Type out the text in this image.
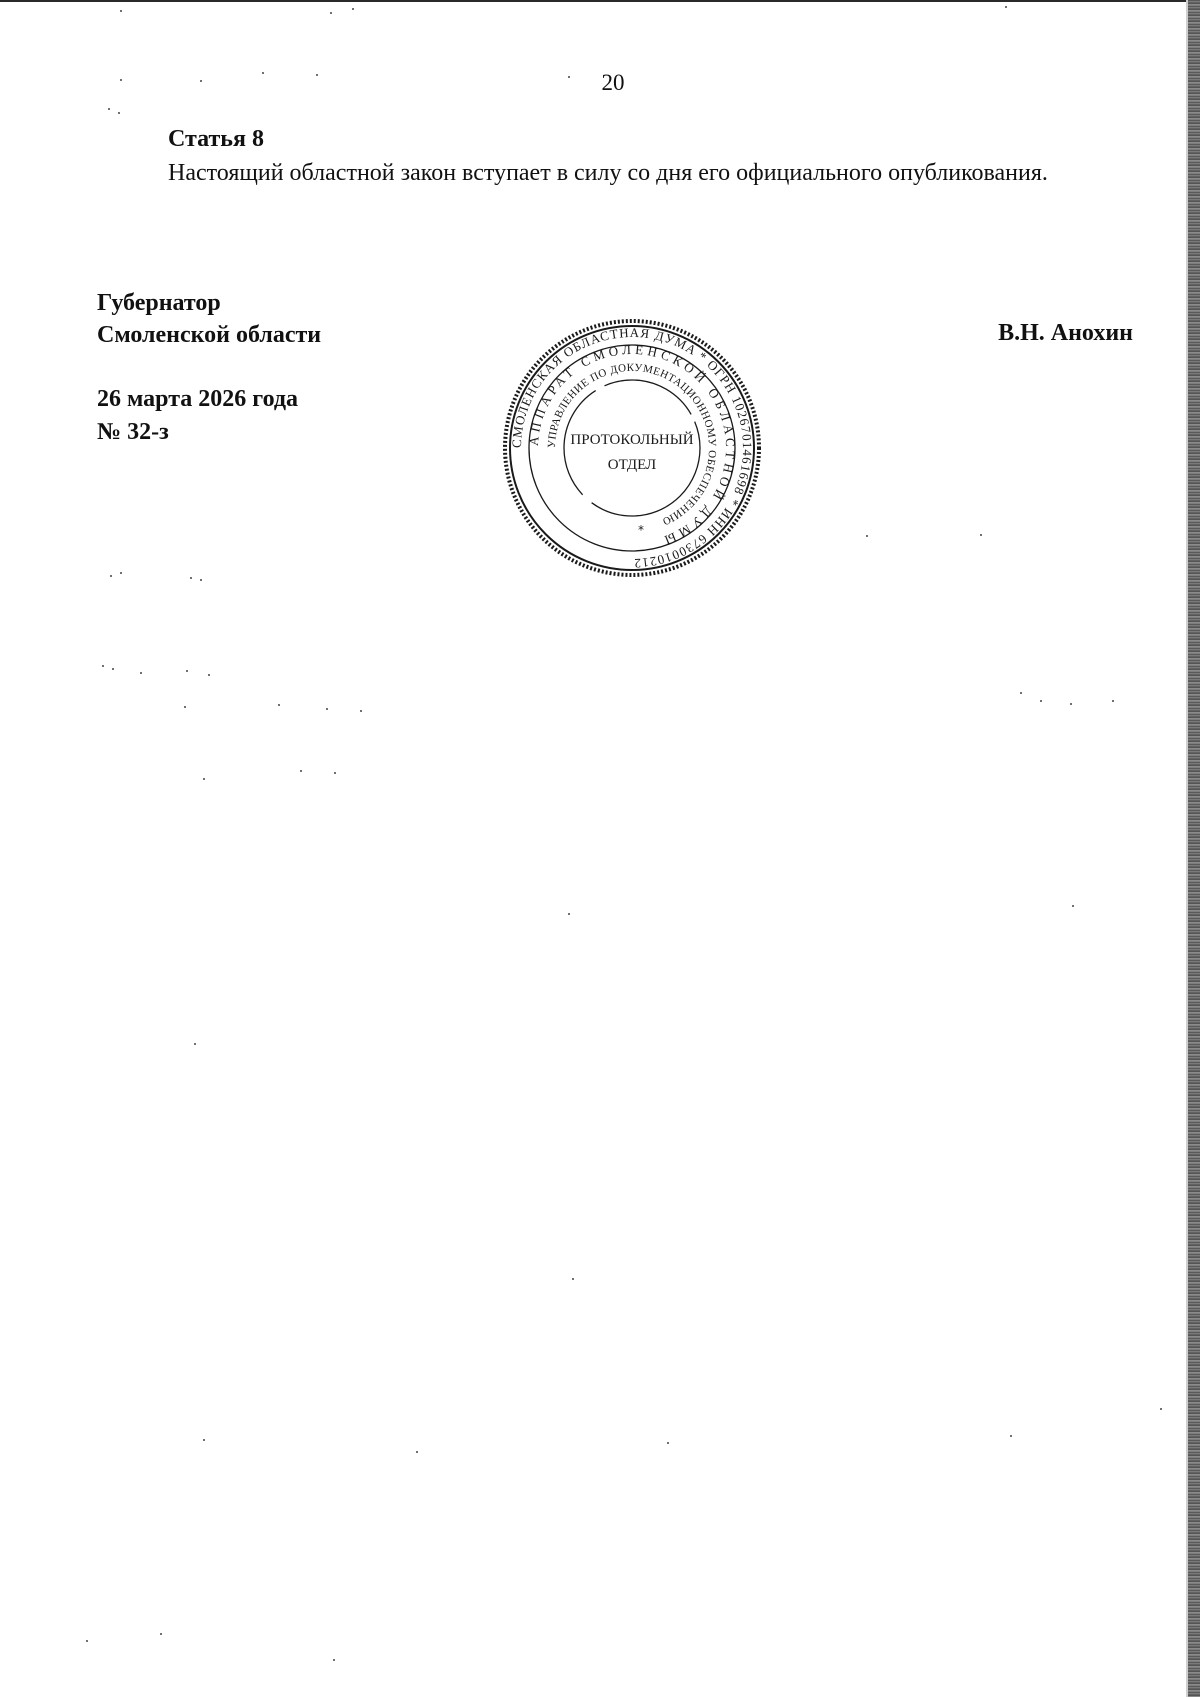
20
Статья 8

Настоящий областной закон вступает в силу со дня его официального опубликования.

Губернатор
Смоленской области	В.Н. Анохин
26 марта 2026 года
№ 32-з	СМОЛЕНСКАЯ ОБЛАСТНАЯ ДУМА * ОГРН 1026701461698 * ИНН 6730010212
АППАРАТ СМОЛЕНСКОЙ ОБЛАСТНОЙ ДУМЫ
УПРАВЛЕНИЕ ПО ДОКУМЕНТАЦИОННОМУ ОБЕСПЕЧЕНИЮ
ПРОТОКОЛЬНЫЙ
ОТДЕЛ
*
